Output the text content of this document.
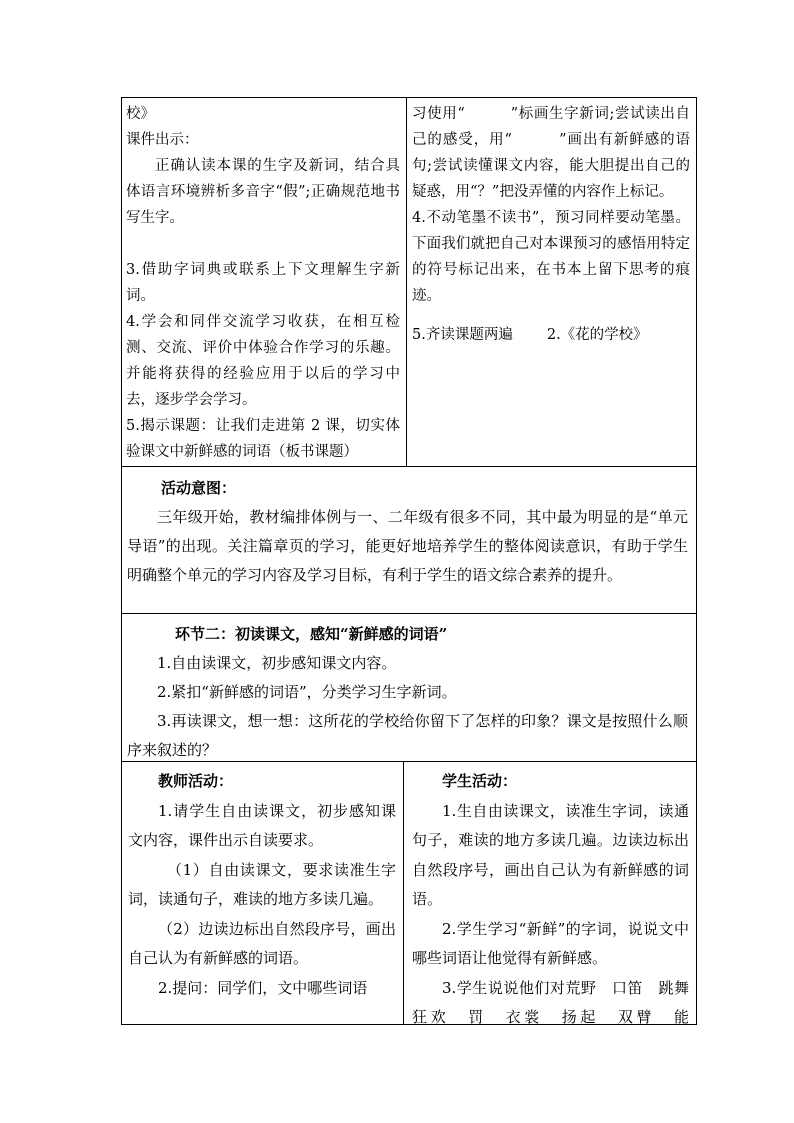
校》

课件出示：

正确认读本课的生字及新词，结合具体语言环境辨析多音字“假”;正确规范地书写生字。

3.借助字词典或联系上下文理解生字新词。

4.学会和同伴交流学习收获，在相互检测、交流、评价中体验合作学习的乐趣。并能将获得的经验应用于以后的学习中去，逐步学会学习。

5.揭示课题：让我们走进第 2 课，切实体验课文中新鲜感的词语（板书课题）

习使用“　　　”标画生字新词;尝试读出自己的感受，用“　　　”画出有新鲜感的语句;尝试读懂课文内容，能大胆提出自己的疑惑，用“？”把没弄懂的内容作上标记。

4.不动笔墨不读书”，预习同样要动笔墨。下面我们就把自己对本课预习的感悟用特定的符号标记出来，在书本上留下思考的痕迹。

5.齐读课题两遍 2.《花的学校》

活动意图：

三年级开始，教材编排体例与一、二年级有很多不同，其中最为明显的是“单元导语”的出现。关注篇章页的学习，能更好地培养学生的整体阅读意识，有助于学生明确整个单元的学习内容及学习目标，有利于学生的语文综合素养的提升。

环节二：初读课文，感知“新鲜感的词语”

1.自由读课文，初步感知课文内容。

2.紧扣“新鲜感的词语”，分类学习生字新词。

3.再读课文，想一想：这所花的学校给你留下了怎样的印象？课文是按照什么顺序来叙述的？

教师活动：

1.请学生自由读课文，初步感知课文内容，课件出示自读要求。

（1）自由读课文，要求读准生字词，读通句子，难读的地方多读几遍。

（2）边读边标出自然段序号，画出自己认为有新鲜感的词语。

2.提问：同学们，文中哪些词语

学生活动：

1.生自由读课文，读准生字词，读通句子，难读的地方多读几遍。边读边标出自然段序号，画出自己认为有新鲜感的词语。

2.学生学习“新鲜”的字词，说说文中哪些词语让他觉得有新鲜感。

3.学生说说他们对荒野　口笛　跳舞　狂欢　罚　衣裳　扬起　双臂　能
